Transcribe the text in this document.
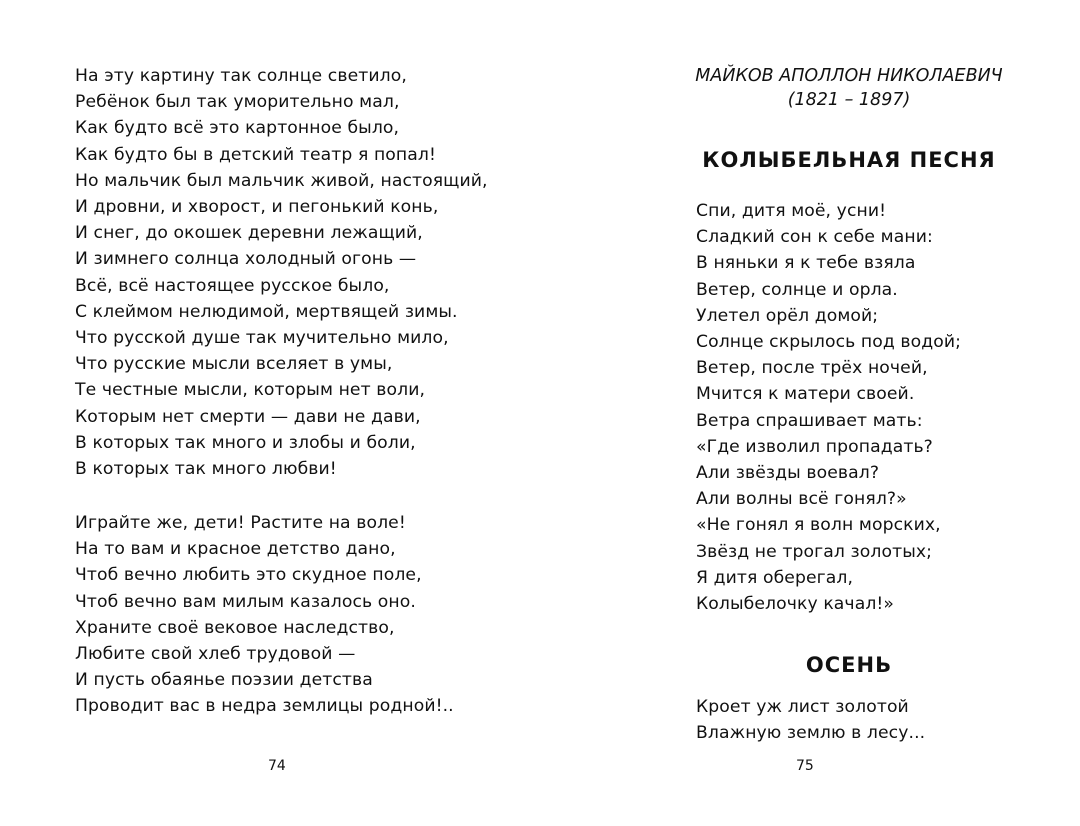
На эту картину так солнце светило,
Ребёнок был так уморительно мал,
Как будто всё это картонное было,
Как будто бы в детский театр я попал!
Но мальчик был мальчик живой, настоящий,
И дровни, и хворост, и пегонький конь,
И снег, до окошек деревни лежащий,
И зимнего солнца холодный огонь —
Всё, всё настоящее русское было,
С клеймом нелюдимой, мертвящей зимы.
Что русской душе так мучительно мило,
Что русские мысли вселяет в умы,
Те честные мысли, которым нет воли,
Которым нет смерти — дави не дави,
В которых так много и злобы и боли,
В которых так много любви!
Играйте же, дети! Растите на воле!
На то вам и красное детство дано,
Чтоб вечно любить это скудное поле,
Чтоб вечно вам милым казалось оно.
Храните своё вековое наследство,
Любите свой хлеб трудовой —
И пусть обаянье поэзии детства
Проводит вас в недра землицы родной!..
74
МАЙКОВ АПОЛЛОН НИКОЛАЕВИЧ
(1821 – 1897)
КОЛЫБЕЛЬНАЯ ПЕСНЯ
Спи, дитя моё, усни!
Сладкий сон к себе мани:
В няньки я к тебе взяла
Ветер, солнце и орла.
Улетел орёл домой;
Солнце скрылось под водой;
Ветер, после трёх ночей,
Мчится к матери своей.
Ветра спрашивает мать:
«Где изволил пропадать?
Али звёзды воевал?
Али волны всё гонял?»
«Не гонял я волн морских,
Звёзд не трогал золотых;
Я дитя оберегал,
Колыбелочку качал!»
ОСЕНЬ
Кроет уж лист золотой
Влажную землю в лесу...
75
